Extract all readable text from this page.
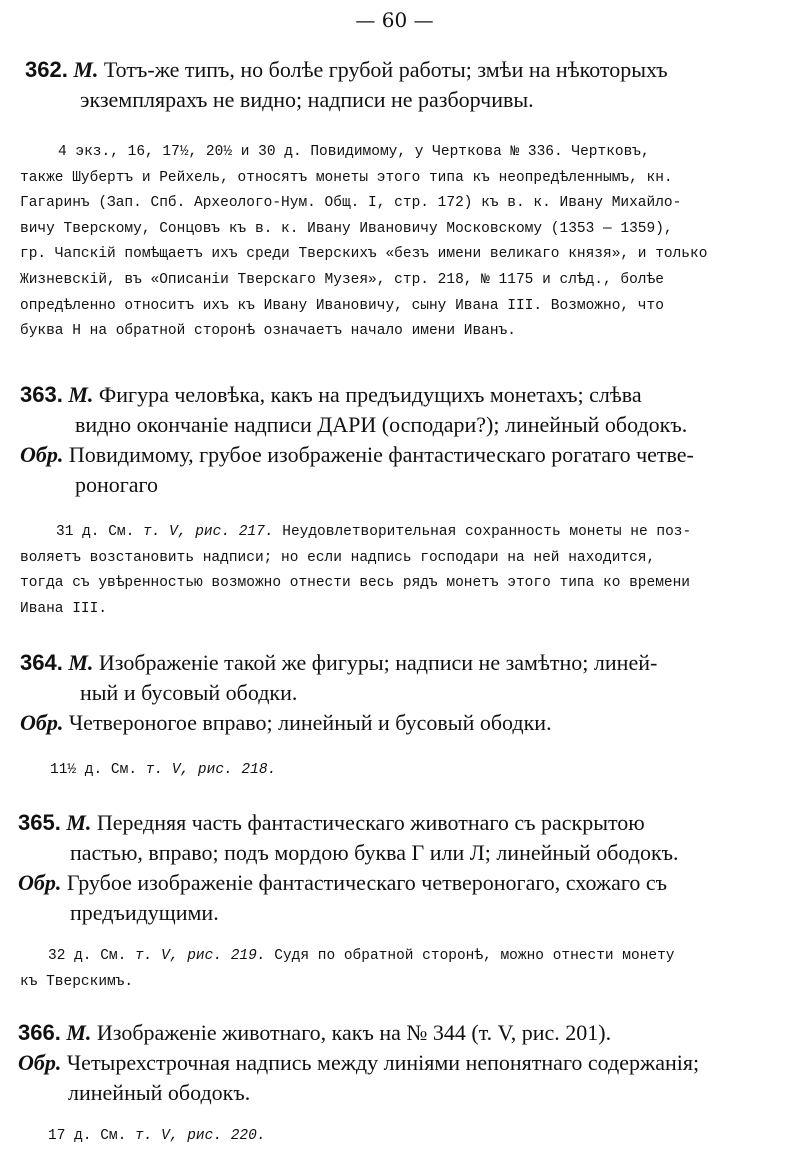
— 60 —
362. М. Тотъ-же типъ, но болѣе грубой работы; змѣи на нѣкоторыхъ
экземплярахъ не видно; надписи не разборчивы.
4 экз., 16, 17½, 20½ и 30 д. Повидимому, у Черткова № 336. Чертковъ,
также Шубертъ и Рейхель, относятъ монеты этого типа къ неопредѣленнымъ, кн.
Гагаринъ (Зап. Спб. Археолого-Нум. Общ. I, стр. 172) къ в. к. Ивану Михайло-
вичу Тверскому, Сонцовъ къ в. к. Ивану Ивановичу Московскому (1353 — 1359),
гр. Чапскій помѣщаетъ ихъ среди Тверскихъ «безъ имени великаго князя», и только
Жизневскій, въ «Описаніи Тверскаго Музея», стр. 218, № 1175 и слѣд., болѣе
опредѣленно относитъ ихъ къ Ивану Ивановичу, сыну Ивана III. Возможно, что
буква Н на обратной сторонѣ означаетъ начало имени Иванъ.
363. М. Фигура человѣка, какъ на предъидущихъ монетахъ; слѣва
видно окончаніе надписи ДАРИ (осподари?); линейный ободокъ.
Обр. Повидимому, грубое изображеніе фантастическаго рогатаго четве-
роногаго
31 д. См. т. V, рис. 217. Неудовлетворительная сохранность монеты не поз-
воляетъ возстановить надписи; но если надпись господари на ней находится,
тогда съ увѣренностью возможно отнести весь рядъ монетъ этого типа ко времени
Ивана III.
364. М. Изображеніе такой же фигуры; надписи не замѣтно; линей-
ный и бусовый ободки.
Обр. Четвероногое вправо; линейный и бусовый ободки.
11½ д. См. т. V, рис. 218.
365. М. Передняя часть фантастическаго животнаго съ раскрытою
пастью, вправо; подъ мордою буква Г или Л; линейный ободокъ.
Обр. Грубое изображеніе фантастическаго четвероногаго, схожаго съ
предъидущими.
32 д. См. т. V, рис. 219. Судя по обратной сторонѣ, можно отнести монету
къ Тверскимъ.
366. М. Изображеніе животнаго, какъ на № 344 (т. V, рис. 201).
Обр. Четырехстрочная надпись между линіями непонятнаго содержанія;
линейный ободокъ.
17 д. См. т. V, рис. 220.
